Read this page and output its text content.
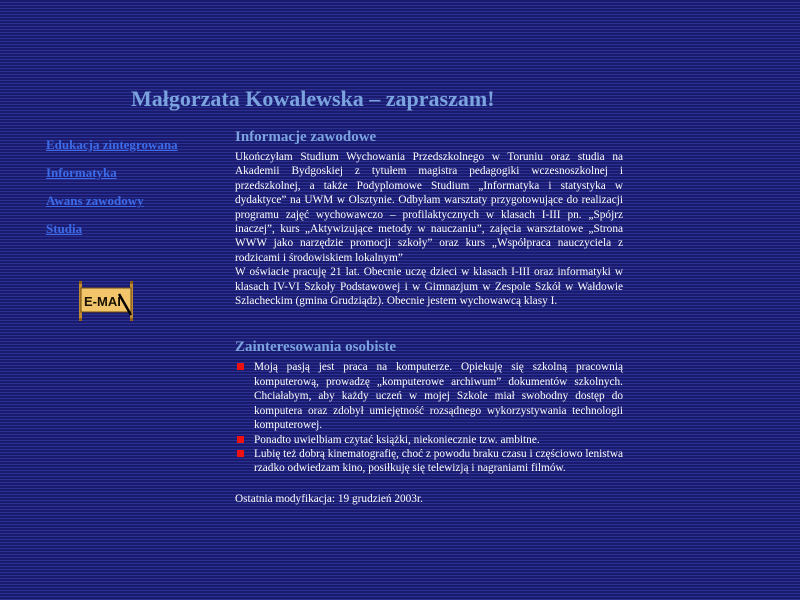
Małgorzata Kowalewska – zapraszam!
Edukacja zintegrowana
Informatyka
Awans zawodowy
Studia
E-MAI
Informacje zawodowe

Ukończyłam Studium Wychowania Przedszkolnego w Toruniu oraz studia na Akademii Bydgoskiej z tytułem magistra pedagogiki wczesnoszkolnej i przedszkolnej, a także Podyplomowe Studium „Informatyka i statystyka w dydaktyce” na UWM w Olsztynie. Odbyłam warsztaty przygotowujące do realizacji programu zajęć wychowawczo – profilaktycznych w klasach I-III pn. „Spójrz inaczej”, kurs „Aktywizujące metody w nauczaniu”, zajęcia warsztatowe „Strona WWW jako narzędzie promocji szkoły” oraz kurs „Współpraca nauczyciela z rodzicami i środowiskiem lokalnym”

W oświacie pracuję 21 lat. Obecnie uczę dzieci w klasach I-III oraz informatyki w klasach IV-VI Szkoły Podstawowej i w Gimnazjum w Zespole Szkół w Wałdowie Szlacheckim (gmina Grudziądz). Obecnie jestem wychowawcą klasy I.

Zainteresowania osobiste
Moją pasją jest praca na komputerze. Opiekuję się szkolną pracownią komputerową, prowadzę „komputerowe archiwum” dokumentów szkolnych. Chciałabym, aby każdy uczeń w mojej Szkole miał swobodny dostęp do komputera oraz zdobył umiejętność rozsądnego wykorzystywania technologii komputerowej.
Ponadto uwielbiam czytać książki, niekoniecznie tzw. ambitne.
Lubię też dobrą kinematografię, choć z powodu braku czasu i częściowo lenistwa rzadko odwiedzam kino, posiłkuję się telewizją i nagraniami filmów.
Ostatnia modyfikacja: 19 grudzień 2003r.
